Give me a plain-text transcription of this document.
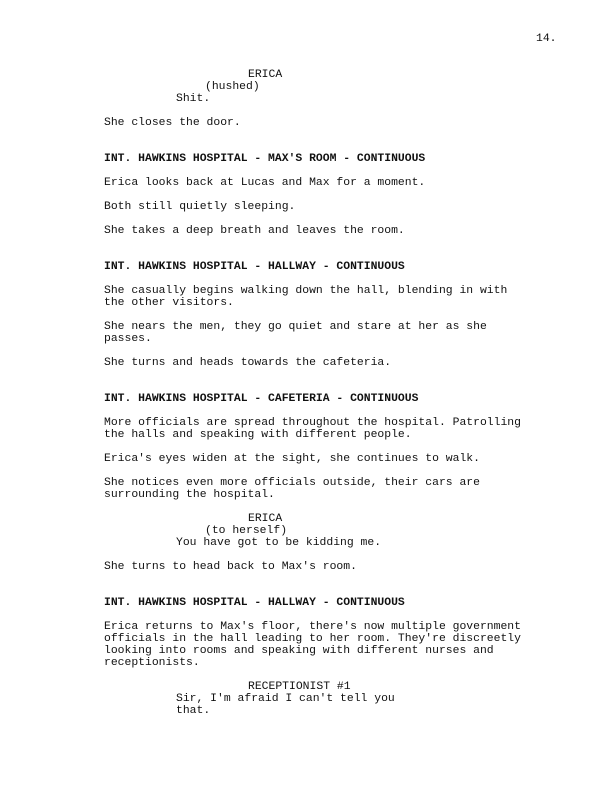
14.
ERICA
(hushed)
Shit.
She closes the door.
INT. HAWKINS HOSPITAL - MAX'S ROOM - CONTINUOUS
Erica looks back at Lucas and Max for a moment.
Both still quietly sleeping.
She takes a deep breath and leaves the room.
INT. HAWKINS HOSPITAL - HALLWAY - CONTINUOUS
She casually begins walking down the hall, blending in with
the other visitors.
She nears the men, they go quiet and stare at her as she
passes.
She turns and heads towards the cafeteria.
INT. HAWKINS HOSPITAL - CAFETERIA - CONTINUOUS
More officials are spread throughout the hospital. Patrolling
the halls and speaking with different people.
Erica's eyes widen at the sight, she continues to walk.
She notices even more officials outside, their cars are
surrounding the hospital.
ERICA
(to herself)
You have got to be kidding me.
She turns to head back to Max's room.
INT. HAWKINS HOSPITAL - HALLWAY - CONTINUOUS
Erica returns to Max's floor, there's now multiple government
officials in the hall leading to her room. They're discreetly
looking into rooms and speaking with different nurses and
receptionists.
RECEPTIONIST #1
Sir, I'm afraid I can't tell you
that.
